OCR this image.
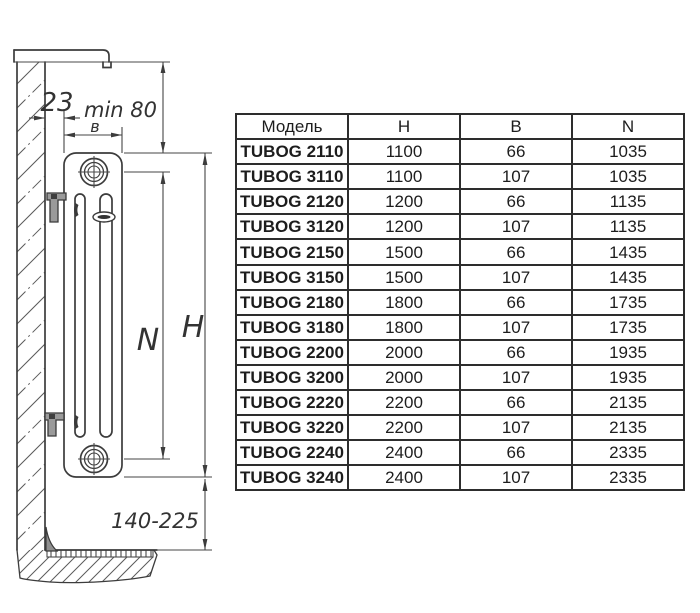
23 min 80
в
N H
140-225
Модель	H	B	N
TUBOG 2110	1100	66	1035
TUBOG 3110	1100	107	1035
TUBOG 2120	1200	66	1135
TUBOG 3120	1200	107	1135
TUBOG 2150	1500	66	1435
TUBOG 3150	1500	107	1435
TUBOG 2180	1800	66	1735
TUBOG 3180	1800	107	1735
TUBOG 2200	2000	66	1935
TUBOG 3200	2000	107	1935
TUBOG 2220	2200	66	2135
TUBOG 3220	2200	107	2135
TUBOG 2240	2400	66	2335
TUBOG 3240	2400	107	2335
